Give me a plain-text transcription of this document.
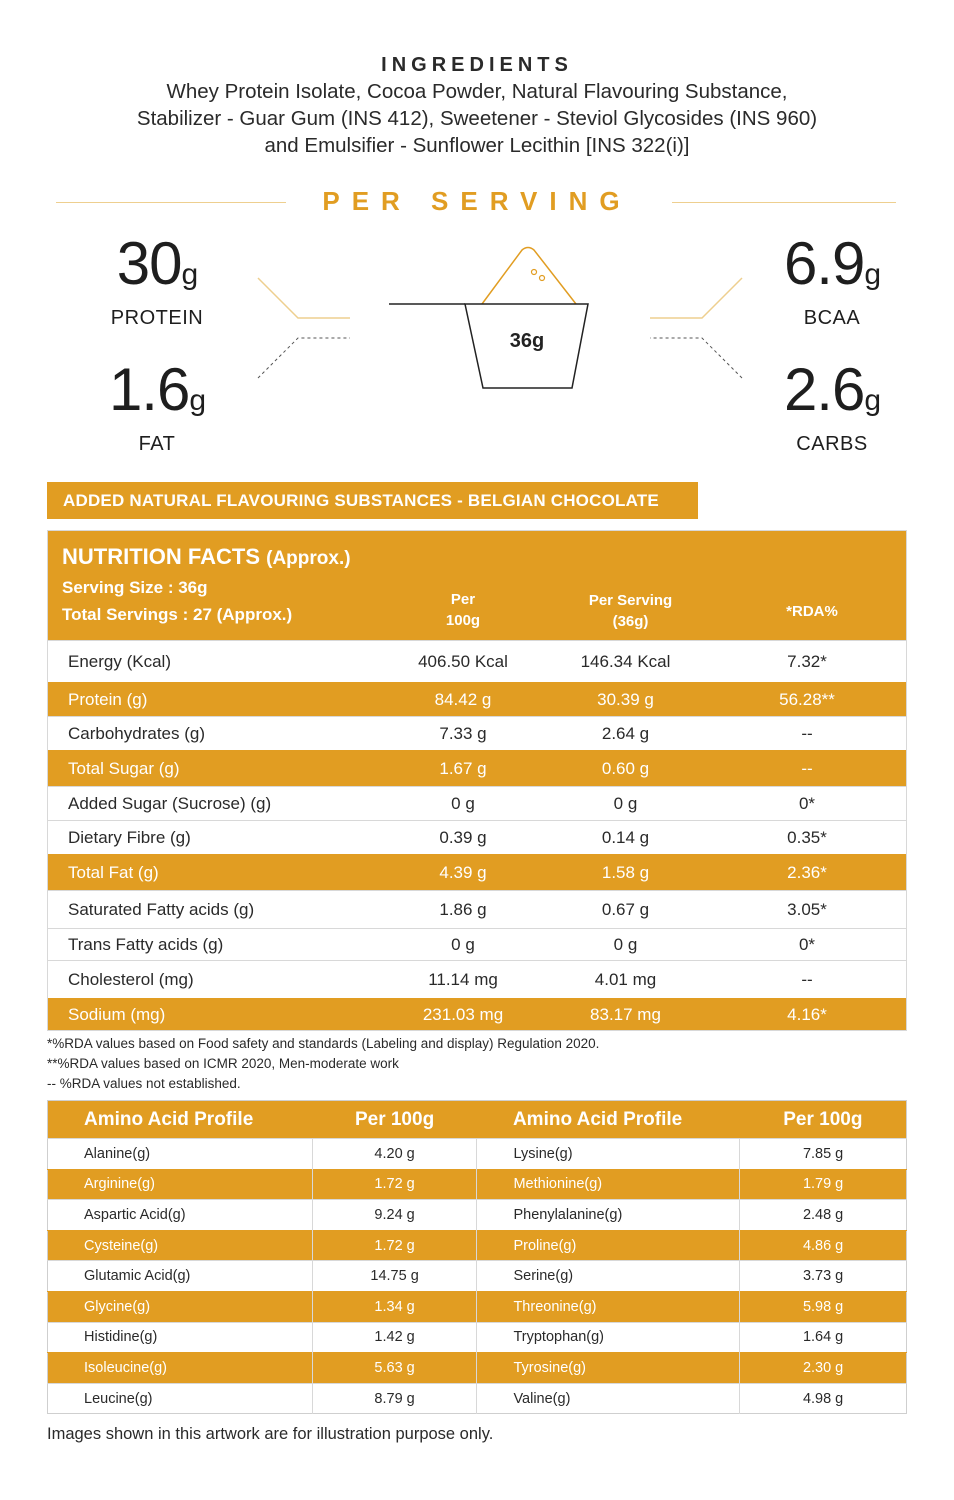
INGREDIENTS
Whey Protein Isolate, Cocoa Powder, Natural Flavouring Substance,
Stabilizer - Guar Gum (INS 412), Sweetener - Steviol Glycosides (INS 960)
and Emulsifier - Sunflower Lecithin [INS 322(i)]
PER SERVING
30g
PROTEIN
1.6g
FAT
6.9g
BCAA
2.6g
CARBS
36g
ADDED NATURAL FLAVOURING SUBSTANCES - BELGIAN CHOCOLATE
NUTRITION FACTS (Approx.)
Serving Size : 36g
Total Servings : 27 (Approx.)
Per
100g
Per Serving
(36g)
*RDA%
Energy (Kcal)	406.50 Kcal	146.34 Kcal	7.32*
Protein (g)	84.42 g	30.39 g	56.28**
Carbohydrates (g)	7.33 g	2.64 g	--
Total Sugar (g)	1.67 g	0.60 g	--
Added Sugar (Sucrose) (g)	0 g	0 g	0*
Dietary Fibre (g)	0.39 g	0.14 g	0.35*
Total Fat (g)	4.39 g	1.58 g	2.36*
Saturated Fatty acids (g)	1.86 g	0.67 g	3.05*
Trans Fatty acids (g)	0 g	0 g	0*
Cholesterol (mg)	11.14 mg	4.01 mg	--
Sodium (mg)	231.03 mg	83.17 mg	4.16*
*%RDA values based on Food safety and standards (Labeling and display) Regulation 2020.
**%RDA values based on ICMR 2020, Men-moderate work
-- %RDA values not established.
Amino Acid Profile	Per 100g	Amino Acid Profile	Per 100g
Alanine(g)	4.20 g	Lysine(g)	7.85 g
Arginine(g)	1.72 g	Methionine(g)	1.79 g
Aspartic Acid(g)	9.24 g	Phenylalanine(g)	2.48 g
Cysteine(g)	1.72 g	Proline(g)	4.86 g
Glutamic Acid(g)	14.75 g	Serine(g)	3.73 g
Glycine(g)	1.34 g	Threonine(g)	5.98 g
Histidine(g)	1.42 g	Tryptophan(g)	1.64 g
Isoleucine(g)	5.63 g	Tyrosine(g)	2.30 g
Leucine(g)	8.79 g	Valine(g)	4.98 g
Images shown in this artwork are for illustration purpose only.
